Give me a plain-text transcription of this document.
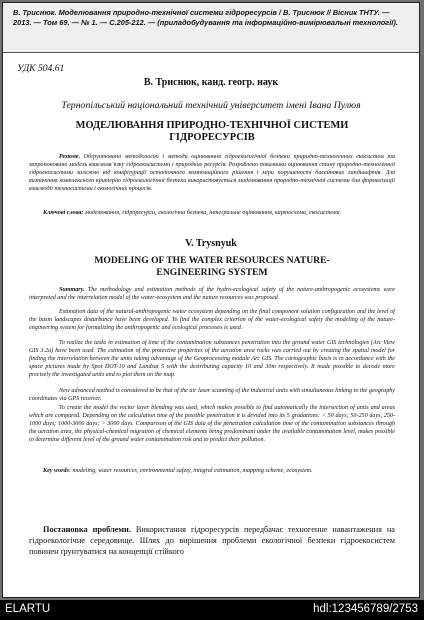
В. Триснюк. Моделювання природно-технічної системи гідроресурсів / В. Триснюк // Вісник ТНТУ. — 2013. — Том 69. — № 1. — С.205-212. — (приладобудування та інформаційно-вимірювальні технології).
УДК 504.61
В. Триснюк, канд. геогр. наук
Тернопільський національний технічний університет імені Івана Пулюя
МОДЕЛЮВАННЯ ПРИРОДНО-ТЕХНІЧНОЇ СИСТЕМИ ГІДРОРЕСУРСІВ

Резюме. Обґрунтовано методологію і методи оцінювання гідроекологічної безпеки природно-техногенних екосистем та запропоновано модель взаємозв’язку гідроекосистеми і природних ресурсів. Розроблено показники оцінювання стану природно-техногенної гідроекосистеми залежно від конфігурації остаточного композиційного рішення і міри порушеності басейнових ландшафтів. Для визначення комплексного критерію гідроекологічної безпеки використовується моделювання природно-технічної системи для формалізації взаємодії техносистеми і екологічних процесів.

Ключові слова: моделювання, гідроресурси, екологічна безпека, інтегральне оцінювання, картосхема, екосистема.

V. Trysnyuk
MODELING OF THE WATER RESOURCES NATURE-ENGINEERING SYSTEM

Summary. The methodology and estimation methods of the hydro-ecological safety of the nature-anthropogenic ecosystems were interpreted and the interrelation model of the water-ecosystem and the nature resources was proposed.

Estimation data of the natural-anthropogenic water ecosystem depending on the final component solution configuration and the level of the basin landscapes disturbance have been developed. To find the complex criterion of the water-ecological safety the modeling of the nature-engineering system for formalizing the anthropogenic and ecological processes is used.

To realize the tasks in estimation of time of the contamination substances penetration into the ground water GIS technologies (Arc View GIS 3.2a) have been used. The estimation of the protective properties of the aeration area rocks was carried out by creating the spatial model for finding the interrelation between the units taking advantage of the Geoprocessing module Arc GIS. The cartographic basis is in accordance with the space pictures made by Spot DOT-10 and Landsat 5 with the destributing capacity 10 and 30m respectively. It made possible to decode more precisely the investigated units and to plot them on the map.

New advanced method is considered to be that of the air laser scanning of the industrial units with simultaneous linking to the geography coordinates via GPS receiver.

To create the model the vector layer blending was used, which makes possible to find automatically the intersection of units and areas which are compared. Depending on the calculation time of the possible penetration it is devided into its 5 gradations: < 50 days; 50-250 days, 250-1000 days; 1000-3000 days; > 3000 days. Comparison of the GIS data of the penetration calculation time of the contamination substances through the aeration area, the physical-chemical migration of chemical elements being predominant under the available contamination level, makes possible to determine different level of the ground water contamination risk and to predict their pollution.

Key words: modeling, water resources, environmental safety, integral estimation, mapping scheme, ecosystem.

Постановка проблеми. Використання гідроресурсів передбачає техногенне навантаження на гідроекологічне середовище. Шлях до вирішення проблеми екологічної безпеки гідроекосистем повинен ґрунтуватися на концепції стійкого

ELARTU	hdl:123456789/2753
